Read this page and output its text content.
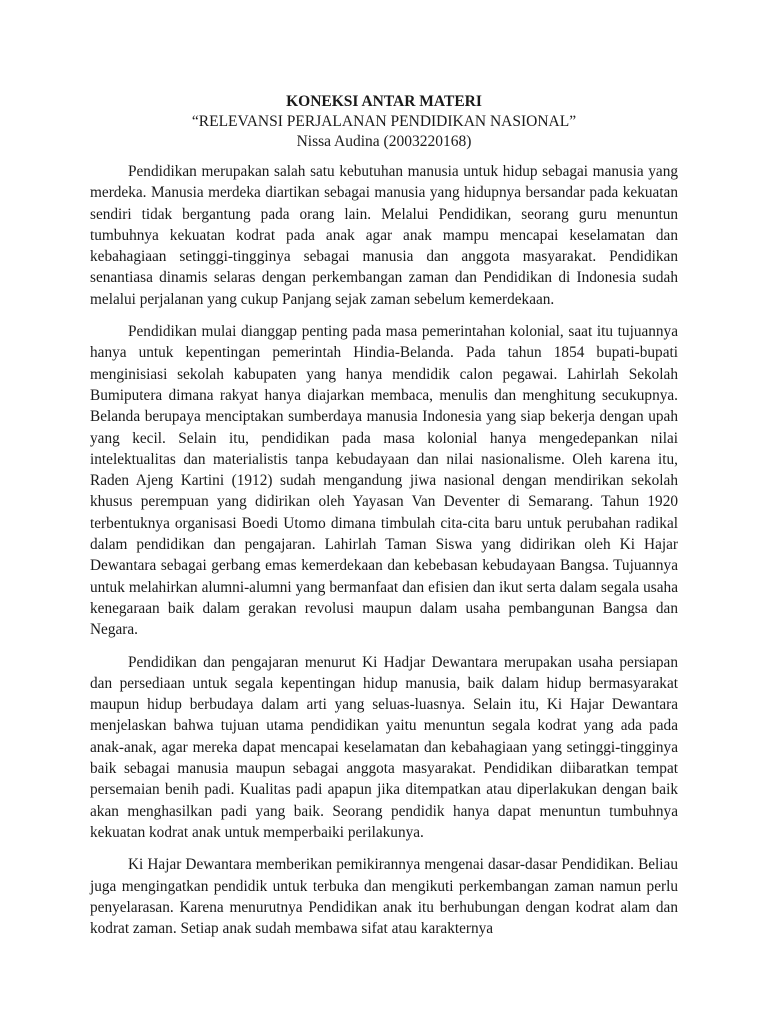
KONEKSI ANTAR MATERI
“RELEVANSI PERJALANAN PENDIDIKAN NASIONAL”
Nissa Audina (2003220168)

Pendidikan merupakan salah satu kebutuhan manusia untuk hidup sebagai manusia yang merdeka. Manusia merdeka diartikan sebagai manusia yang hidupnya bersandar pada kekuatan sendiri tidak bergantung pada orang lain. Melalui Pendidikan, seorang guru menuntun tumbuhnya kekuatan kodrat pada anak agar anak mampu mencapai keselamatan dan kebahagiaan setinggi-tingginya sebagai manusia dan anggota masyarakat. Pendidikan senantiasa dinamis selaras dengan perkembangan zaman dan Pendidikan di Indonesia sudah melalui perjalanan yang cukup Panjang sejak zaman sebelum kemerdekaan.

Pendidikan mulai dianggap penting pada masa pemerintahan kolonial, saat itu tujuannya hanya untuk kepentingan pemerintah Hindia-Belanda. Pada tahun 1854 bupati-bupati menginisiasi sekolah kabupaten yang hanya mendidik calon pegawai. Lahirlah Sekolah Bumiputera dimana rakyat hanya diajarkan membaca, menulis dan menghitung secukupnya. Belanda berupaya menciptakan sumberdaya manusia Indonesia yang siap bekerja dengan upah yang kecil. Selain itu, pendidikan pada masa kolonial hanya mengedepankan nilai intelektualitas dan materialistis tanpa kebudayaan dan nilai nasionalisme. Oleh karena itu, Raden Ajeng Kartini (1912) sudah mengandung jiwa nasional dengan mendirikan sekolah khusus perempuan yang didirikan oleh Yayasan Van Deventer di Semarang. Tahun 1920 terbentuknya organisasi Boedi Utomo dimana timbulah cita-cita baru untuk perubahan radikal dalam pendidikan dan pengajaran. Lahirlah Taman Siswa yang didirikan oleh Ki Hajar Dewantara sebagai gerbang emas kemerdekaan dan kebebasan kebudayaan Bangsa. Tujuannya untuk melahirkan alumni-alumni yang bermanfaat dan efisien dan ikut serta dalam segala usaha kenegaraan baik dalam gerakan revolusi maupun dalam usaha pembangunan Bangsa dan Negara.

Pendidikan dan pengajaran menurut Ki Hadjar Dewantara merupakan usaha persiapan dan persediaan untuk segala kepentingan hidup manusia, baik dalam hidup bermasyarakat maupun hidup berbudaya dalam arti yang seluas-luasnya. Selain itu, Ki Hajar Dewantara menjelaskan bahwa tujuan utama pendidikan yaitu menuntun segala kodrat yang ada pada anak-anak, agar mereka dapat mencapai keselamatan dan kebahagiaan yang setinggi-tingginya baik sebagai manusia maupun sebagai anggota masyarakat. Pendidikan diibaratkan tempat persemaian benih padi. Kualitas padi apapun jika ditempatkan atau diperlakukan dengan baik akan menghasilkan padi yang baik. Seorang pendidik hanya dapat menuntun tumbuhnya kekuatan kodrat anak untuk memperbaiki perilakunya.

Ki Hajar Dewantara memberikan pemikirannya mengenai dasar-dasar Pendidikan. Beliau juga mengingatkan pendidik untuk terbuka dan mengikuti perkembangan zaman namun perlu penyelarasan. Karena menurutnya Pendidikan anak itu berhubungan dengan kodrat alam dan kodrat zaman. Setiap anak sudah membawa sifat atau karakternya
